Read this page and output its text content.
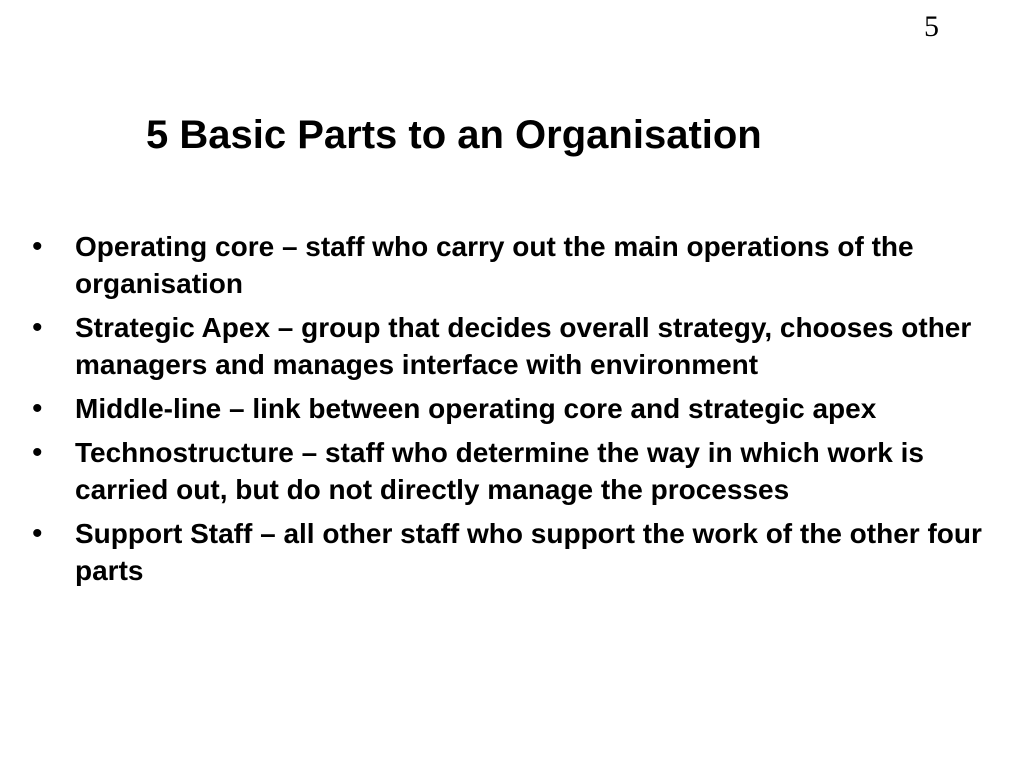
5
5 Basic Parts to an Organisation
•	Operating core – staff who carry out the main operations of the organisation
•	Strategic Apex – group that decides overall strategy, chooses other managers and manages interface with environment
•	Middle-line – link between operating core and strategic apex
•	Technostructure – staff who determine the way in which work is carried out, but do not directly manage the processes
•	Support Staff – all other staff who support the work of the other four parts
